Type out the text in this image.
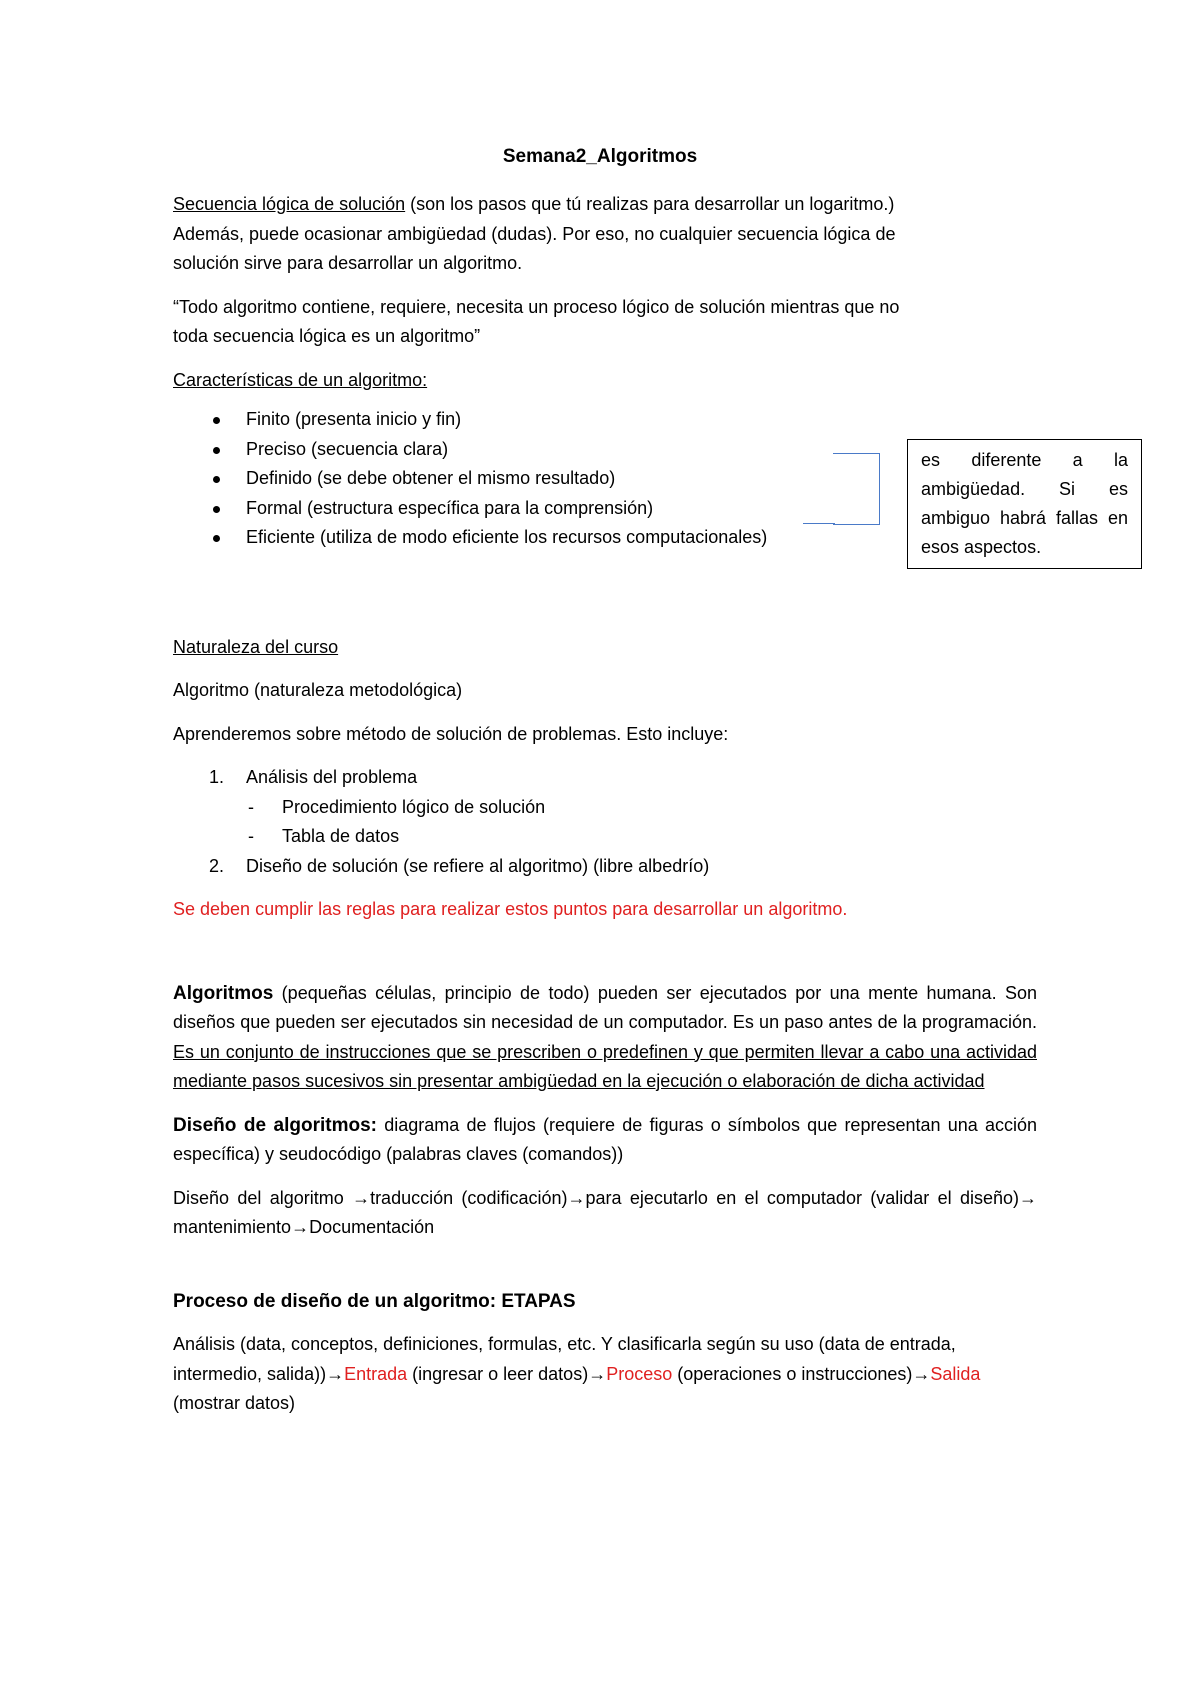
Semana2_Algoritmos

Secuencia lógica de solución (son los pasos que tú realizas para desarrollar un logaritmo.)
Además, puede ocasionar ambigüedad (dudas). Por eso, no cualquier secuencia lógica de
solución sirve para desarrollar un algoritmo.

“Todo algoritmo contiene, requiere, necesita un proceso lógico de solución mientras que no
toda secuencia lógica es un algoritmo”

Características de un algoritmo:

Finito (presenta inicio y fin)
Preciso (secuencia clara)
Definido (se debe obtener el mismo resultado)
Formal (estructura específica para la comprensión)
Eficiente (utiliza de modo eficiente los recursos computacionales)

Naturaleza del curso

Algoritmo (naturaleza metodológica)

Aprenderemos sobre método de solución de problemas. Esto incluye:

1. Análisis del problema
- Procedimiento lógico de solución
- Tabla de datos
2. Diseño de solución (se refiere al algoritmo) (libre albedrío)

Se deben cumplir las reglas para realizar estos puntos para desarrollar un algoritmo.

Algoritmos (pequeñas células, principio de todo) pueden ser ejecutados por una mente humana. Son diseños que pueden ser ejecutados sin necesidad de un computador. Es un paso antes de la programación. Es un conjunto de instrucciones que se prescriben o predefinen y que permiten llevar a cabo una actividad mediante pasos sucesivos sin presentar ambigüedad en la ejecución o elaboración de dicha actividad

Diseño de algoritmos: diagrama de flujos (requiere de figuras o símbolos que representan una acción específica) y seudocódigo (palabras claves (comandos))

Diseño del algoritmo →traducción (codificación)→para ejecutarlo en el computador (validar el diseño)→ mantenimiento→Documentación

Proceso de diseño de un algoritmo: ETAPAS

Análisis (data, conceptos, definiciones, formulas, etc. Y clasificarla según su uso (data de entrada, intermedio, salida))→Entrada (ingresar o leer datos)→Proceso (operaciones o instrucciones)→Salida (mostrar datos)

es diferente a la ambigüedad. Si es ambiguo habrá fallas en esos aspectos.
